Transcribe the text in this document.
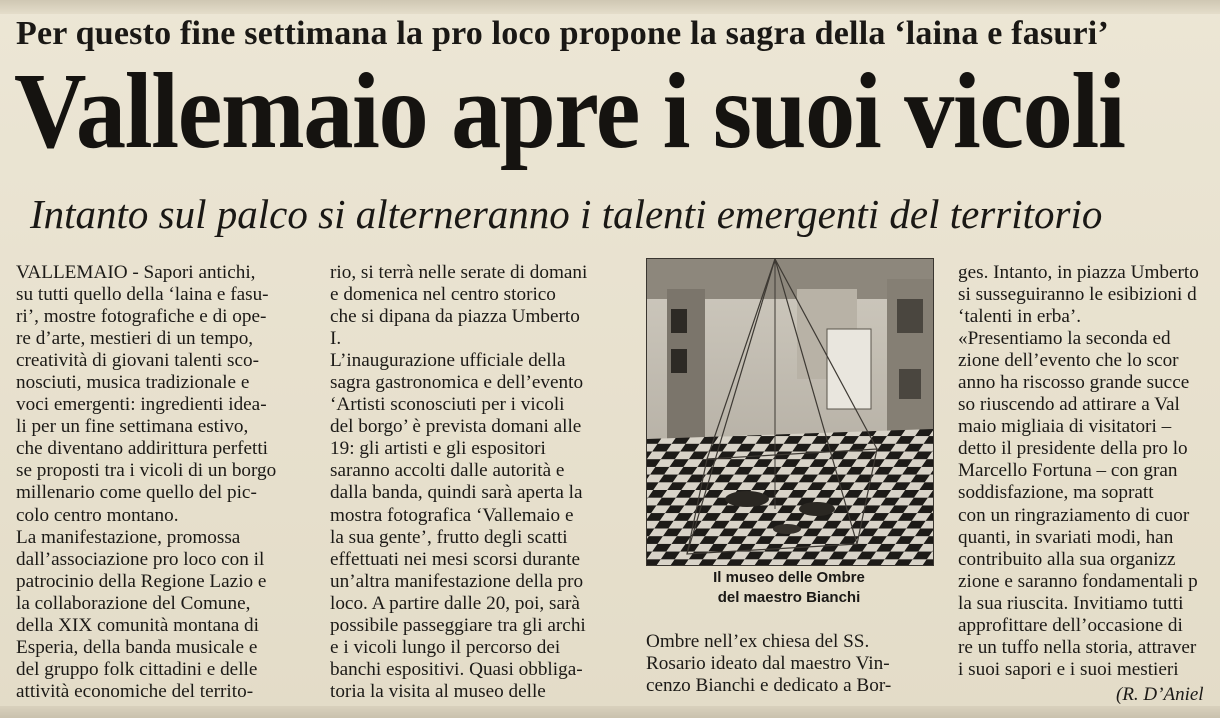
Per questo fine settimana la pro loco propone la sagra della ‘laina e fasuri’
Vallemaio apre i suoi vicoli
Intanto sul palco si alterneranno i talenti emergenti del territorio
VALLEMAIO - Sapori antichi,
su tutti quello della ‘laina e fasu-
ri’, mostre fotografiche e di ope-
re d’arte, mestieri di un tempo,
creatività di giovani talenti sco-
nosciuti, musica tradizionale e
voci emergenti: ingredienti idea-
li per un fine settimana estivo,
che diventano addirittura perfetti
se proposti tra i vicoli di un borgo
millenario come quello del pic-
colo centro montano.
La manifestazione, promossa
dall’associazione pro loco con il
patrocinio della Regione Lazio e
la collaborazione del Comune,
della XIX comunità montana di
Esperia, della banda musicale e
del gruppo folk cittadini e delle
attività economiche del territo-
rio, si terrà nelle serate di domani
e domenica nel centro storico
che si dipana da piazza Umberto
I.
L’inaugurazione ufficiale della
sagra gastronomica e dell’evento
‘Artisti sconosciuti per i vicoli
del borgo’ è prevista domani alle
19: gli artisti e gli espositori
saranno accolti dalle autorità e
dalla banda, quindi sarà aperta la
mostra fotografica ‘Vallemaio e
la sua gente’, frutto degli scatti
effettuati nei mesi scorsi durante
un’altra manifestazione della pro
loco. A partire dalle 20, poi, sarà
possibile passeggiare tra gli archi
e i vicoli lungo il percorso dei
banchi espositivi. Quasi obbliga-
toria la visita al museo delle
Il museo delle Ombre
del maestro Bianchi
Ombre nell’ex chiesa del SS.
Rosario ideato dal maestro Vin-
cenzo Bianchi e dedicato a Bor-
ges. Intanto, in piazza Umberto
si susseguiranno le esibizioni d
‘talenti in erba’.
«Presentiamo la seconda ed
zione dell’evento che lo scor
anno ha riscosso grande succe
so riuscendo ad attirare a Val
maio migliaia di visitatori –
detto il presidente della pro lo
Marcello Fortuna – con gran
soddisfazione, ma sopratt
con un ringraziamento di cuor
quanti, in svariati modi, han
contribuito alla sua organizz
zione e saranno fondamentali p
la sua riuscita. Invitiamo tutti
approfittare dell’occasione di
re un tuffo nella storia, attraver
i suoi sapori e i suoi mestieri
(R. D’Aniel
